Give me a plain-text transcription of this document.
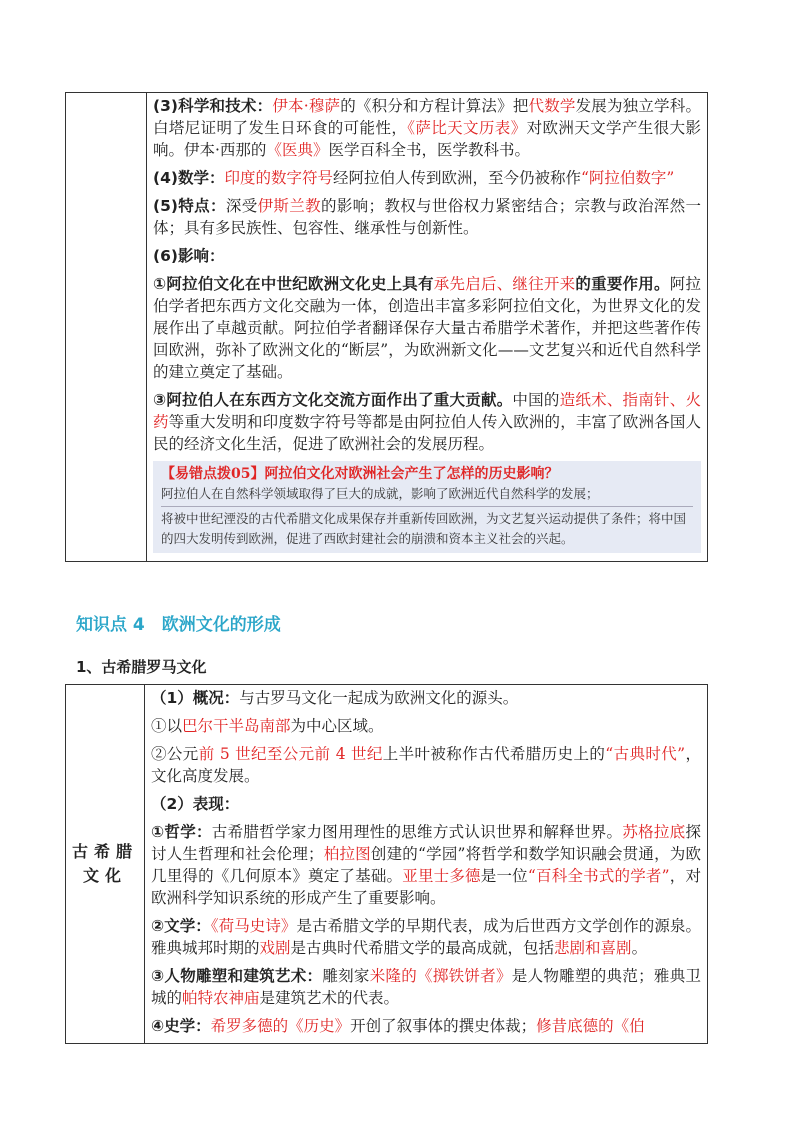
(3)科学和技术：伊本·穆萨的《积分和方程计算法》把代数学发展为独立学科。白塔尼证明了发生日环食的可能性，《萨比天文历表》对欧洲天文学产生很大影响。伊本·西那的《医典》医学百科全书，医学教科书。

(4)数学：印度的数字符号经阿拉伯人传到欧洲，至今仍被称作“阿拉伯数字”

(5)特点：深受伊斯兰教的影响；教权与世俗权力紧密结合；宗教与政治浑然一体；具有多民族性、包容性、继承性与创新性。

(6)影响：

①阿拉伯文化在中世纪欧洲文化史上具有承先启后、继往开来的重要作用。阿拉伯学者把东西方文化交融为一体，创造出丰富多彩阿拉伯文化，为世界文化的发展作出了卓越贡献。阿拉伯学者翻译保存大量古希腊学术著作，并把这些著作传回欧洲，弥补了欧洲文化的“断层”，为欧洲新文化——文艺复兴和近代自然科学的建立奠定了基础。

③阿拉伯人在东西方文化交流方面作出了重大贡献。中国的造纸术、指南针、火药等重大发明和印度数字符号等都是由阿拉伯人传入欧洲的，丰富了欧洲各国人民的经济文化生活，促进了欧洲社会的发展历程。

【易错点拨05】阿拉伯文化对欧洲社会产生了怎样的历史影响？
阿拉伯人在自然科学领域取得了巨大的成就，影响了欧洲近代自然科学的发展；
将被中世纪湮没的古代希腊文化成果保存并重新传回欧洲，为文艺复兴运动提供了条件；将中国的四大发明传到欧洲，促进了西欧封建社会的崩溃和资本主义社会的兴起。
知识点 4　欧洲文化的形成
1、古希腊罗马文化
古希腊文化

（1）概况：与古罗马文化一起成为欧洲文化的源头。

①以巴尔干半岛南部为中心区域。

②公元前 5 世纪至公元前 4 世纪上半叶被称作古代希腊历史上的“古典时代”，文化高度发展。

（2）表现：

①哲学：古希腊哲学家力图用理性的思维方式认识世界和解释世界。苏格拉底探讨人生哲理和社会伦理；柏拉图创建的“学园”将哲学和数学知识融会贯通，为欧几里得的《几何原本》奠定了基础。亚里士多德是一位“百科全书式的学者”，对欧洲科学知识系统的形成产生了重要影响。

②文学：《荷马史诗》是古希腊文学的早期代表，成为后世西方文学创作的源泉。雅典城邦时期的戏剧是古典时代希腊文学的最高成就，包括悲剧和喜剧。

③人物雕塑和建筑艺术：雕刻家米隆的《掷铁饼者》是人物雕塑的典范；雅典卫城的帕特农神庙是建筑艺术的代表。

④史学：希罗多德的《历史》开创了叙事体的撰史体裁；修昔底德的《伯
